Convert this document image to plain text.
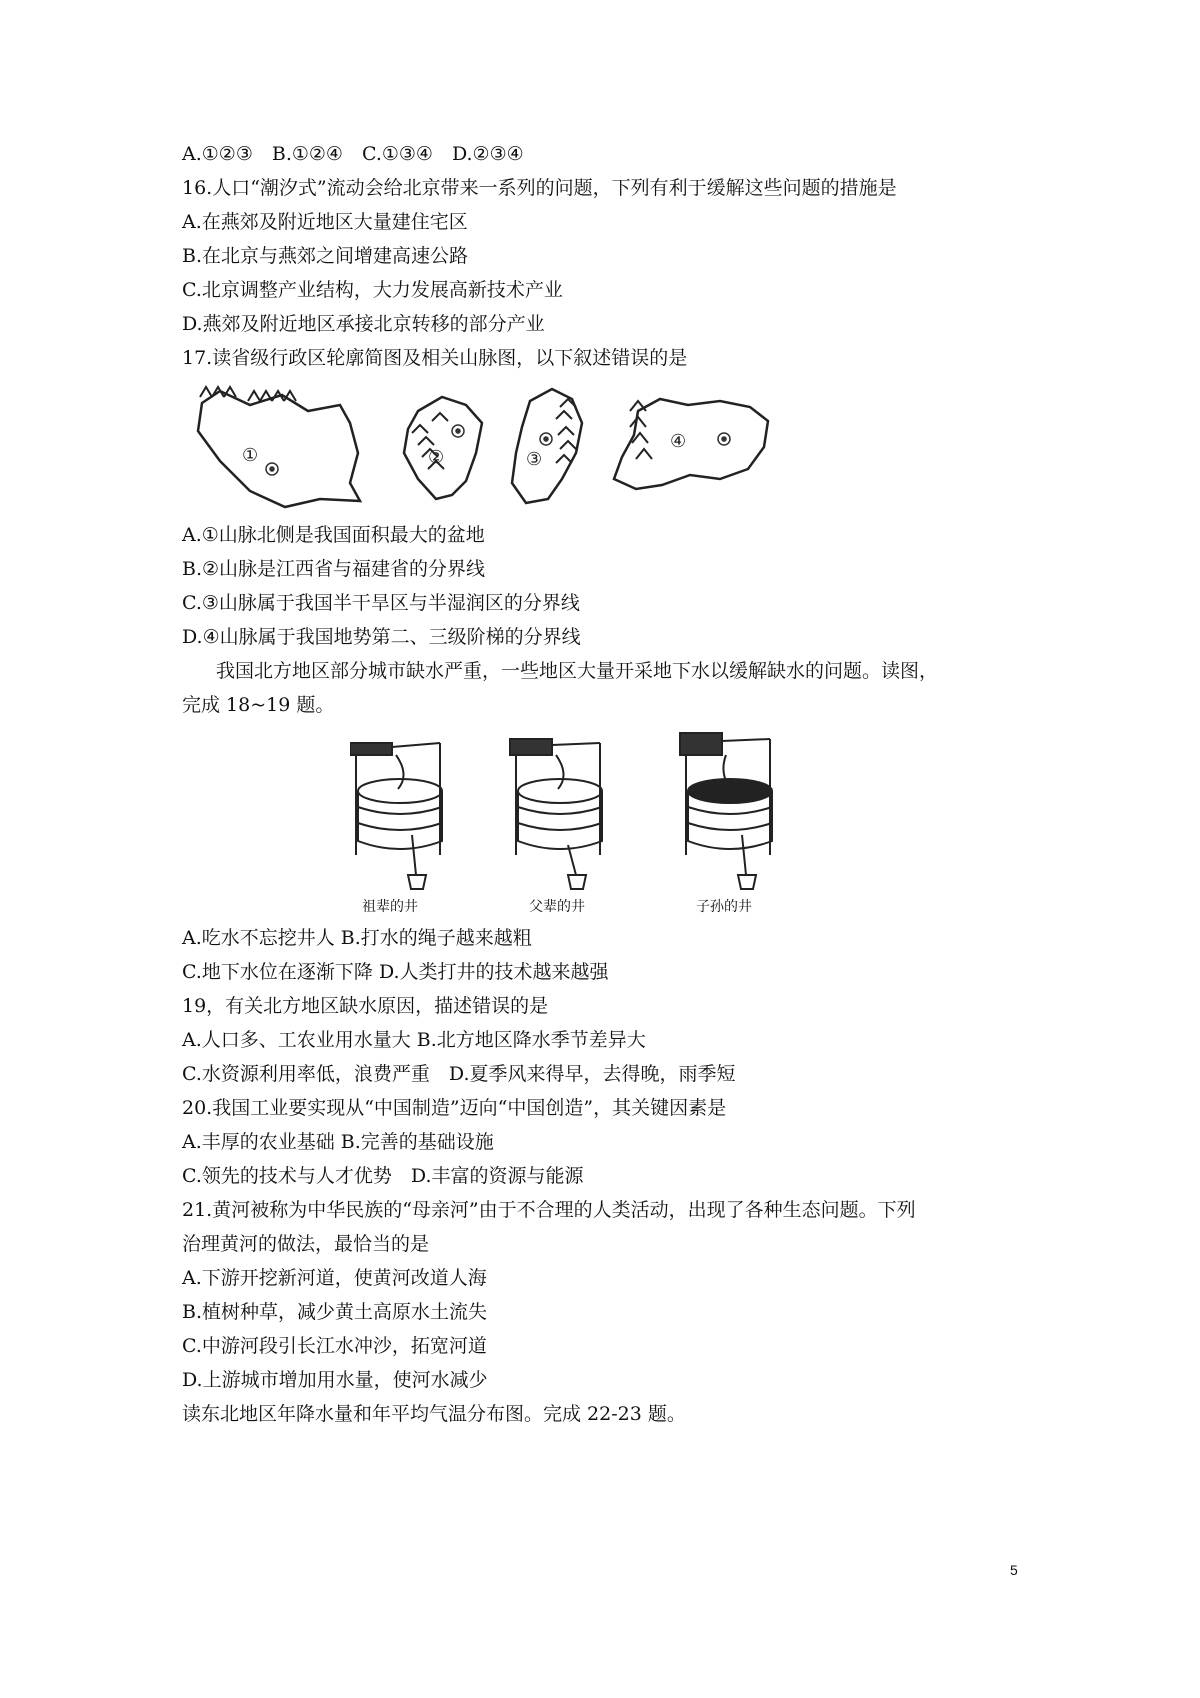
A.①②③　B.①②④　C.①③④　D.②③④
16.人口“潮汐式”流动会给北京带来一系列的问题，下列有利于缓解这些问题的措施是
A.在燕郊及附近地区大量建住宅区
B.在北京与燕郊之间增建高速公路
C.北京调整产业结构，大力发展高新技术产业
D.燕郊及附近地区承接北京转移的部分产业
17.读省级行政区轮廓简图及相关山脉图，以下叙述错误的是
①	②	③
④
A.①山脉北侧是我国面积最大的盆地
B.②山脉是江西省与福建省的分界线
C.③山脉属于我国半干旱区与半湿润区的分界线
D.④山脉属于我国地势第二、三级阶梯的分界线
我国北方地区部分城市缺水严重，一些地区大量开采地下水以缓解缺水的问题。读图，
完成 18~19 题。
祖辈的井	父辈的井	子孙的井
A.吃水不忘挖井人 B.打水的绳子越来越粗
C.地下水位在逐渐下降 D.人类打井的技术越来越强
19，有关北方地区缺水原因，描述错误的是
A.人口多、工农业用水量大 B.北方地区降水季节差异大
C.水资源利用率低，浪费严重　D.夏季风来得早，去得晚，雨季短
20.我国工业要实现从“中国制造”迈向“中国创造”，其关键因素是
A.丰厚的农业基础 B.完善的基础设施
C.领先的技术与人才优势　D.丰富的资源与能源
21.黄河被称为中华民族的“母亲河”由于不合理的人类活动，出现了各种生态问题。下列
治理黄河的做法，最恰当的是
A.下游开挖新河道，使黄河改道人海
B.植树种草，减少黄土高原水土流失
C.中游河段引长江水冲沙，拓宽河道
D.上游城市增加用水量，使河水减少
读东北地区年降水量和年平均气温分布图。完成 22-23 题。
5
